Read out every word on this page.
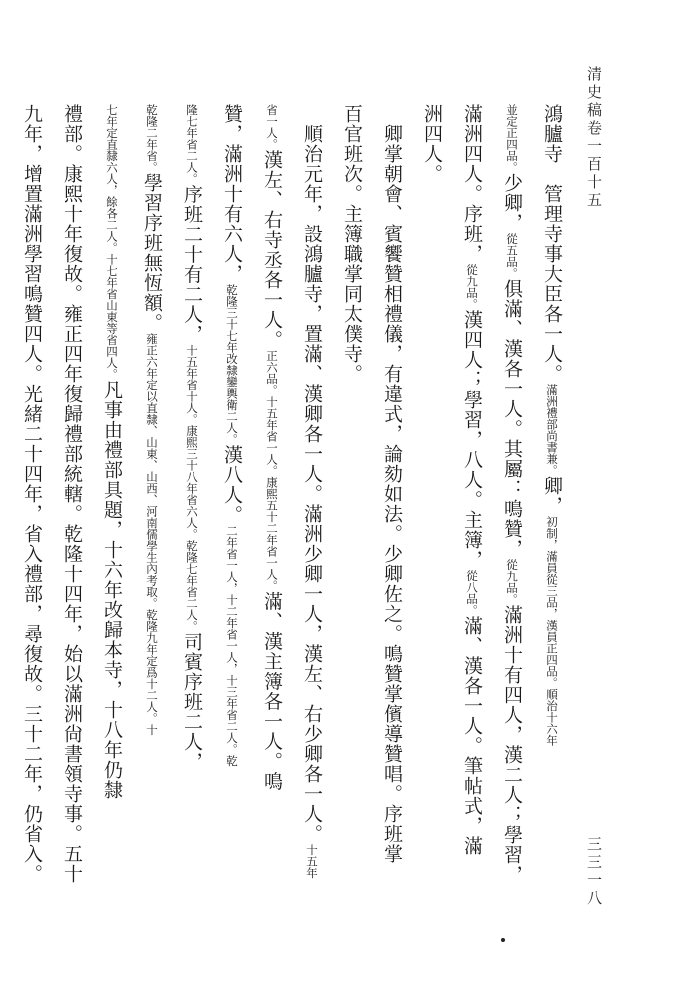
清史稿卷一百十五
三三一八
鴻臚寺　管理寺事大臣各一人。滿洲禮部尚書兼。卿，初制，滿員從三品，漢員正四品。順治十六年
並定正四品。少卿，從五品。俱滿、漢各一人。其屬：鳴贊，從九品。滿洲十有四人，漢二人；學習，
滿洲四人。序班，從九品。漢四人；學習，八人。主簿，從八品。滿、漢各一人。筆帖式，滿
洲四人。
　卿掌朝會、賓饗贊相禮儀，有違式，論劾如法。少卿佐之。鳴贊掌儐導贊唱。序班掌
百官班次。主簿職掌同太僕寺。
　順治元年，設鴻臚寺，置滿、漢卿各一人。滿洲少卿一人，漢左、右少卿各一人。十五年
省一人。漢左、右寺丞各一人。正六品。十五年省一人。康熙五十二年省一人。滿、漢主簿各一人。鳴
贊，滿洲十有六人，乾隆三十七年改隸鑾輿衛二人。漢八人。二年省一人，十二年省一人，十三年省二人。乾
隆七年省二人。序班二十有二人，十五年省十人。康熙三十八年省六人。乾隆七年省二人。司賓序班二人，
乾隆二年省。學習序班無恆額。雍正六年定以直隸、山東、山西、河南儒學生內考取。乾隆九年定爲十二人。十
七年定直隸六人，餘各二人。十七年省山東等省四人。凡事由禮部具題，十六年改歸本寺，十八年仍隸
禮部。康熙十年復故。雍正四年復歸禮部統轄。乾隆十四年，始以滿洲尙書領寺事。五十
九年，增置滿洲學習鳴贊四人。光緒二十四年，省入禮部，尋復故。三十二年，仍省入。
